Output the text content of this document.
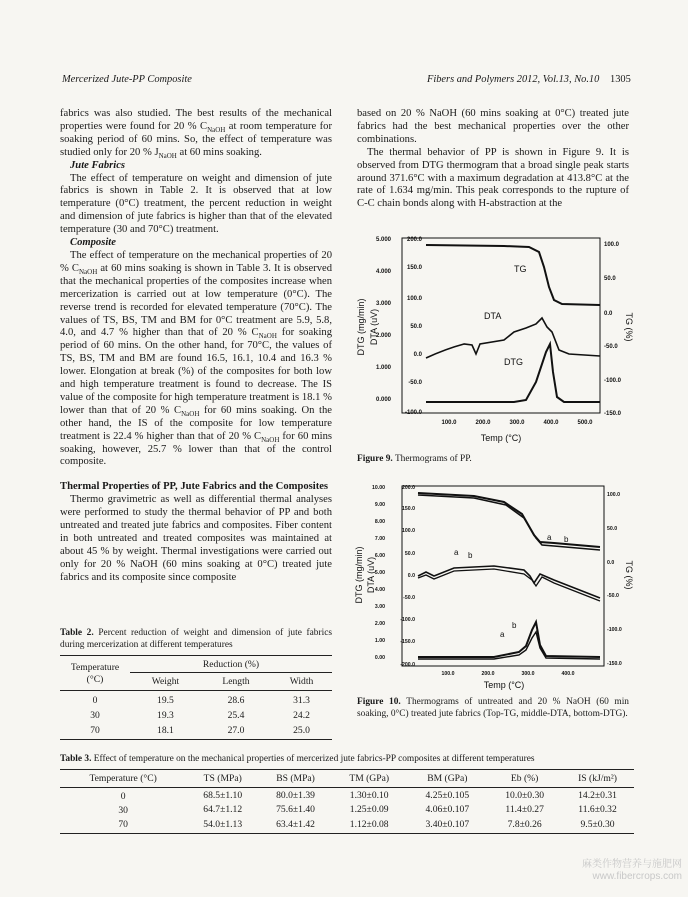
Mercerized Jute-PP Composite	Fibers and Polymers 2012, Vol.13, No.10 1305

fabrics was also studied. The best results of the mechanical properties were found for 20 % $C_{NaOH}$ at room temperature for soaking period of 60 mins. So, the effect of temperature was studied only for 20 % $J_{NaOH}$ at 60 mins soaking.

Jute Fabrics

The effect of temperature on weight and dimension of jute fabrics is shown in Table 2. It is observed that at low temperature (0°C) treatment, the percent reduction in weight and dimension of jute fabrics is higher than that of the elevated temperature (30 and 70°C) treatment.

Composite

The effect of temperature on the mechanical properties of 20 % $C_{NaOH}$ at 60 mins soaking is shown in Table 3. It is observed that the mechanical properties of the composites increase when mercerization is carried out at low temperature (0°C). The reverse trend is recorded for elevated temperature (70°C). The values of TS, BS, TM and BM for 0°C treatment are 5.9, 5.8, 4.0, and 4.7 % higher than that of 20 % $C_{NaOH}$ for soaking period of 60 mins. On the other hand, for 70°C, the values of TS, BS, TM and BM are found 16.5, 16.1, 10.4 and 16.3 % lower. Elongation at break (%) of the composites for both low and high temperature treatment is found to decrease. The IS value of the composite for high temperature treatment is 18.1 % lower than that of 20 % $C_{NaOH}$ for 60 mins soaking. On the other hand, the IS of the composite for low temperature treatment is 22.4 % higher than that of 20 % $C_{NaOH}$ for 60 mins soaking, however, 25.7 % lower than that of the control composite.

Thermal Properties of PP, Jute Fabrics and the Composites

Thermo gravimetric as well as differential thermal analyses were performed to study the thermal behavior of PP and both untreated and treated jute fabrics and composites. Fiber content in both untreated and treated composites was maintained at about 45 % by weight. Thermal investigations were carried out only for 20 % NaOH (60 mins soaking at 0°C) treated jute fabrics and its composite since composite

Table 2. Percent reduction of weight and dimension of jute fabrics during mercerization at different temperatures
Temperature
(°C)	Reduction (%)		
	Weight	Length	Width
0	19.5	28.6	31.3
30	19.3	25.4	24.2
70	18.1	27.0	25.0

based on 20 % NaOH (60 mins soaking at 0°C) treated jute fabrics had the best mechanical properties over the other combinations.

The thermal behavior of PP is shown in Figure 9. It is observed from DTG thermogram that a broad single peak starts around 371.6°C with a maximum degradation at 413.8°C at the rate of 1.634 mg/min. This peak corresponds to the rupture of C-C chain bonds along with H-abstraction at the

5.000
4.000
3.000
2.000
1.000
0.000
200.0
150.0
100.0
50.0
0.0
-50.0
-100.0
100.0
50.0
0.0
-50.0
-100.0
-150.0
100.0	200.0	300.0	400.0	500.0
Temp (°C)
DTG (mg/min) DTA (uV)	TG (%)
TG
DTA
DTG
Figure 9. Thermograms of PP.
10.00
9.00
8.00
7.00
6.00
5.00
4.00
3.00
2.00
1.00
0.00
200.0
150.0
100.0
50.0
0.0
-50.0
-100.0
-150.0
-200.0
100.0
50.0
0.0
-50.0
-100.0
-150.0
100.0	200.0	300.0	400.0
Temp (°C)
DTG (mg/min) DTA (uV)	TG (%)
a b
a b
a
b
Figure 10. Thermograms of untreated and 20 % NaOH (60 min soaking, 0°C) treated jute fabrics (Top-TG, middle-DTA, bottom-DTG).
Table 3. Effect of temperature on the mechanical properties of mercerized jute fabrics-PP composites at different temperatures
Temperature (°C)	TS (MPa)	BS (MPa)	TM (GPa)	BM (GPa)	Eb (%)	IS (kJ/m²)
0	68.5±1.10	80.0±1.39	1.30±0.10	4.25±0.105	10.0±0.30	14.2±0.31
30	64.7±1.12	75.6±1.40	1.25±0.09	4.06±0.107	11.4±0.27	11.6±0.32
70	54.0±1.13	63.4±1.42	1.12±0.08	3.40±0.107	7.8±0.26	9.5±0.30
麻类作物营养与施肥网
www.fibercrops.com
